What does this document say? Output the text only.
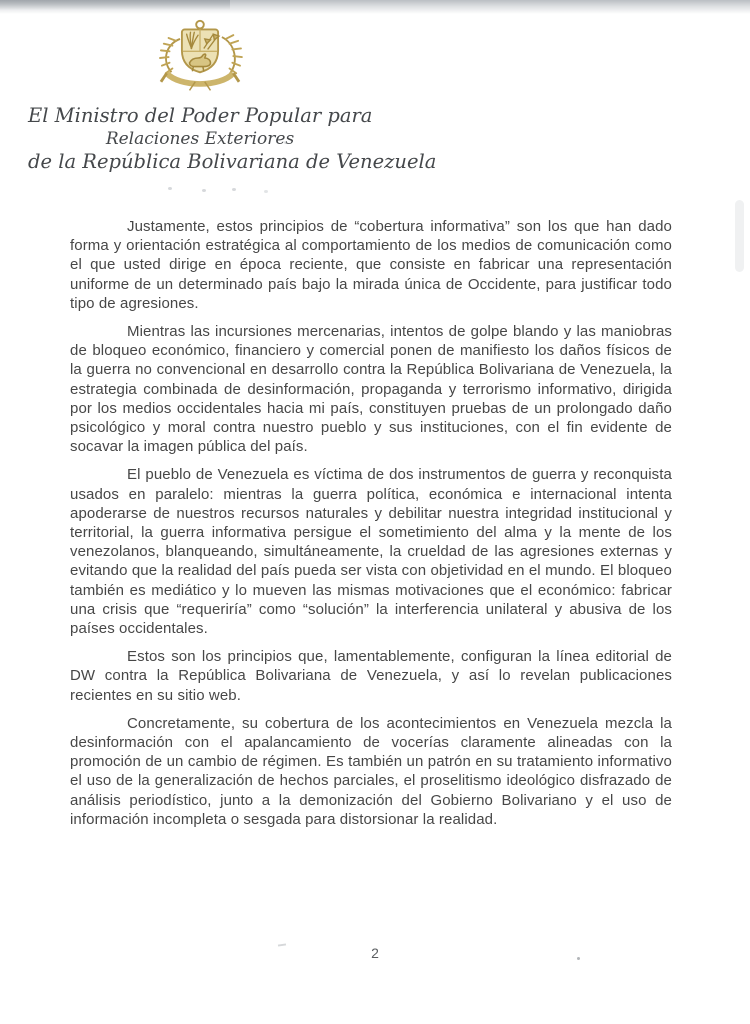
El Ministro del Poder Popular para
Relaciones Exteriores
de la República Bolivariana de Venezuela

Justamente, estos principios de “cobertura informativa” son los que han dado forma y orientación estratégica al comportamiento de los medios de comunicación como el que usted dirige en época reciente, que consiste en fabricar una representación uniforme de un determinado país bajo la mirada única de Occidente, para justificar todo tipo de agresiones.

Mientras las incursiones mercenarias, intentos de golpe blando y las maniobras de bloqueo económico, financiero y comercial ponen de manifiesto los daños físicos de la guerra no convencional en desarrollo contra la República Bolivariana de Venezuela, la estrategia combinada de desinformación, propaganda y terrorismo informativo, dirigida por los medios occidentales hacia mi país, constituyen pruebas de un prolongado daño psicológico y moral contra nuestro pueblo y sus instituciones, con el fin evidente de socavar la imagen pública del país.

El pueblo de Venezuela es víctima de dos instrumentos de guerra y reconquista usados en paralelo: mientras la guerra política, económica e internacional intenta apoderarse de nuestros recursos naturales y debilitar nuestra integridad institucional y territorial, la guerra informativa persigue el sometimiento del alma y la mente de los venezolanos, blanqueando, simultáneamente, la crueldad de las agresiones externas y evitando que la realidad del país pueda ser vista con objetividad en el mundo. El bloqueo también es mediático y lo mueven las mismas motivaciones que el económico: fabricar una crisis que “requeriría” como “solución” la interferencia unilateral y abusiva de los países occidentales.

Estos son los principios que, lamentablemente, configuran la línea editorial de DW contra la República Bolivariana de Venezuela, y así lo revelan publicaciones recientes en su sitio web.

Concretamente, su cobertura de los acontecimientos en Venezuela mezcla la desinformación con el apalancamiento de vocerías claramente alineadas con la promoción de un cambio de régimen. Es también un patrón en su tratamiento informativo el uso de la generalización de hechos parciales, el proselitismo ideológico disfrazado de análisis periodístico, junto a la demonización del Gobierno Bolivariano y el uso de información incompleta o sesgada para distorsionar la realidad.

2
